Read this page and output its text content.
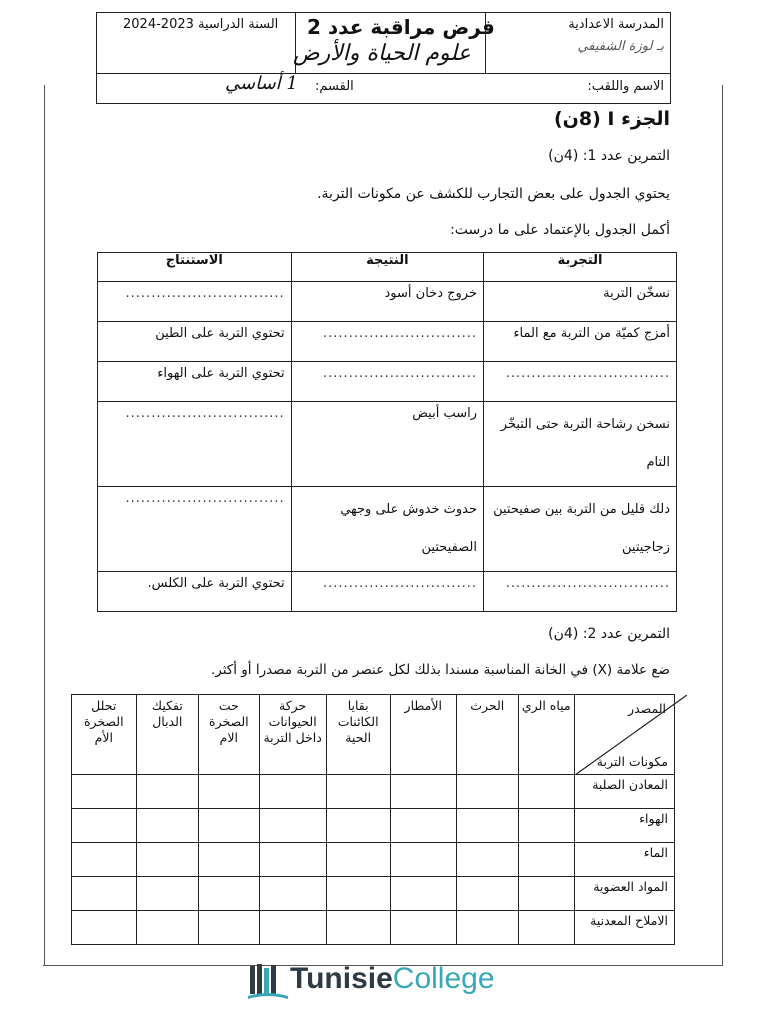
المدرسة الاعدادية
بـ لوزة الشفيفي
فرض مراقبة عدد 2
علوم الحياة والأرض
السنة الدراسية 2023-2024
الاسم واللقب:
القسم:
1 أساسي
الجزء I (8ن)
التمرين عدد 1: (4ن)
يحتوي الجدول على بعض التجارب للكشف عن مكونات التربة.
أكمل الجدول بالإعتماد على ما درست:
التجربة	النتيجة	الاستنتاج
نسخّن التربة	خروج دخان أسود	...............................
أمزج كميّة من التربة مع الماء	..............................	تحتوي التربة على الطين
................................	..............................	تحتوي التربة على الهواء
نسخن رشاحة التربة حتى التبخّر التام	راسب أبيض	...............................
دلك قليل من التربة بين صفيحتين زجاجيتين	حدوث خدوش على وجهي الصفيحتين	...............................
................................	..............................	تحتوي التربة على الكلس.
التمرين عدد 2: (4ن)
ضع علامة (X) في الخانة المناسبة مسندا بذلك لكل عنصر من التربة مصدرا أو أكثر.
المصدر
مكونات التربة	مياه الري	الحرث	الأمطار	بقايا الكائنات الحية	حركة الحيوانات داخل التربة	حت الصخرة الام	تفكيك الدبال	تحلل الصخرة الأم
المعادن الصلبة								
الهواء								
الماء								
المواد العضوية								
الاملاح المعدنية								
TunisieCollege
